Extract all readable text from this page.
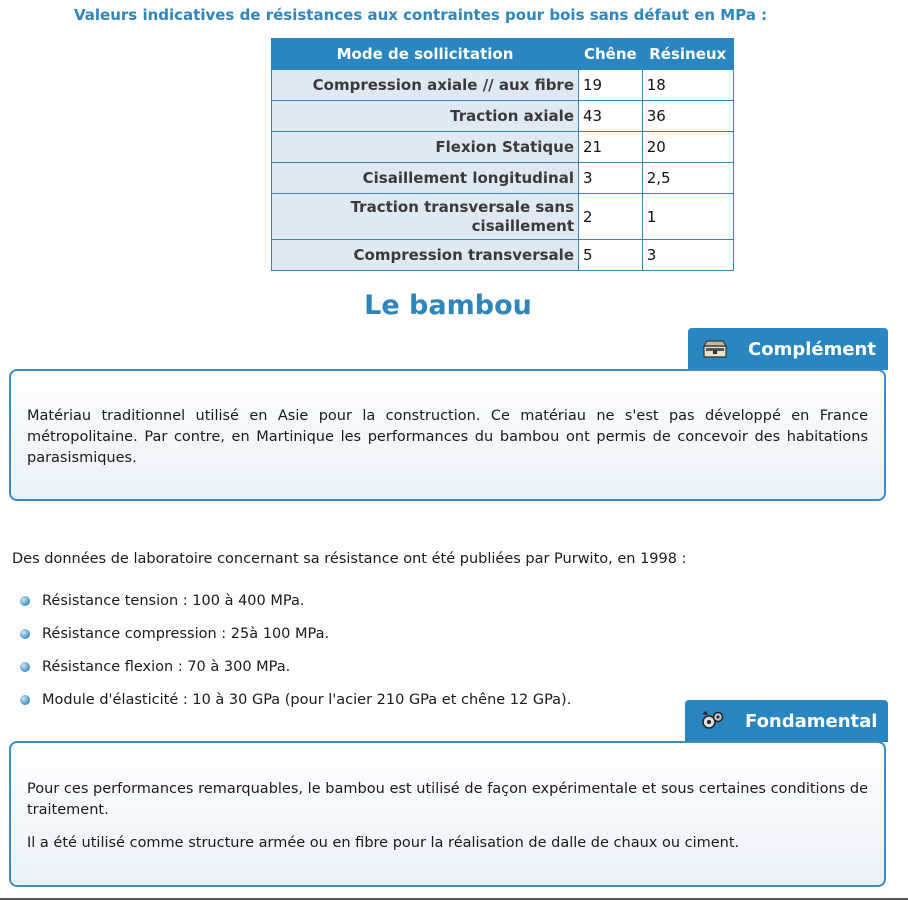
Valeurs indicatives de résistances aux contraintes pour bois sans défaut en MPa :
Mode de sollicitation	Chêne	Résineux
Compression axiale // aux fibre	19	18
Traction axiale	43	36
Flexion Statique	21	20
Cisaillement longitudinal	3	2,5
Traction transversale sans cisaillement	2	1
Compression transversale	5	3
Le bambou
Complément

Matériau traditionnel utilisé en Asie pour la construction. Ce matériau ne s'est pas développé en France métropolitaine. Par contre, en Martinique les performances du bambou ont permis de concevoir des habitations parasismiques.

Des données de laboratoire concernant sa résistance ont été publiées par Purwito, en 1998 :

Résistance tension : 100 à 400 MPa.
Résistance compression : 25à 100 MPa.
Résistance flexion : 70 à 300 MPa.
Module d'élasticité : 10 à 30 GPa (pour l'acier 210 GPa et chêne 12 GPa).
Fondamental

Pour ces performances remarquables, le bambou est utilisé de façon expérimentale et sous certaines conditions de traitement.

Il a été utilisé comme structure armée ou en fibre pour la réalisation de dalle de chaux ou ciment.
